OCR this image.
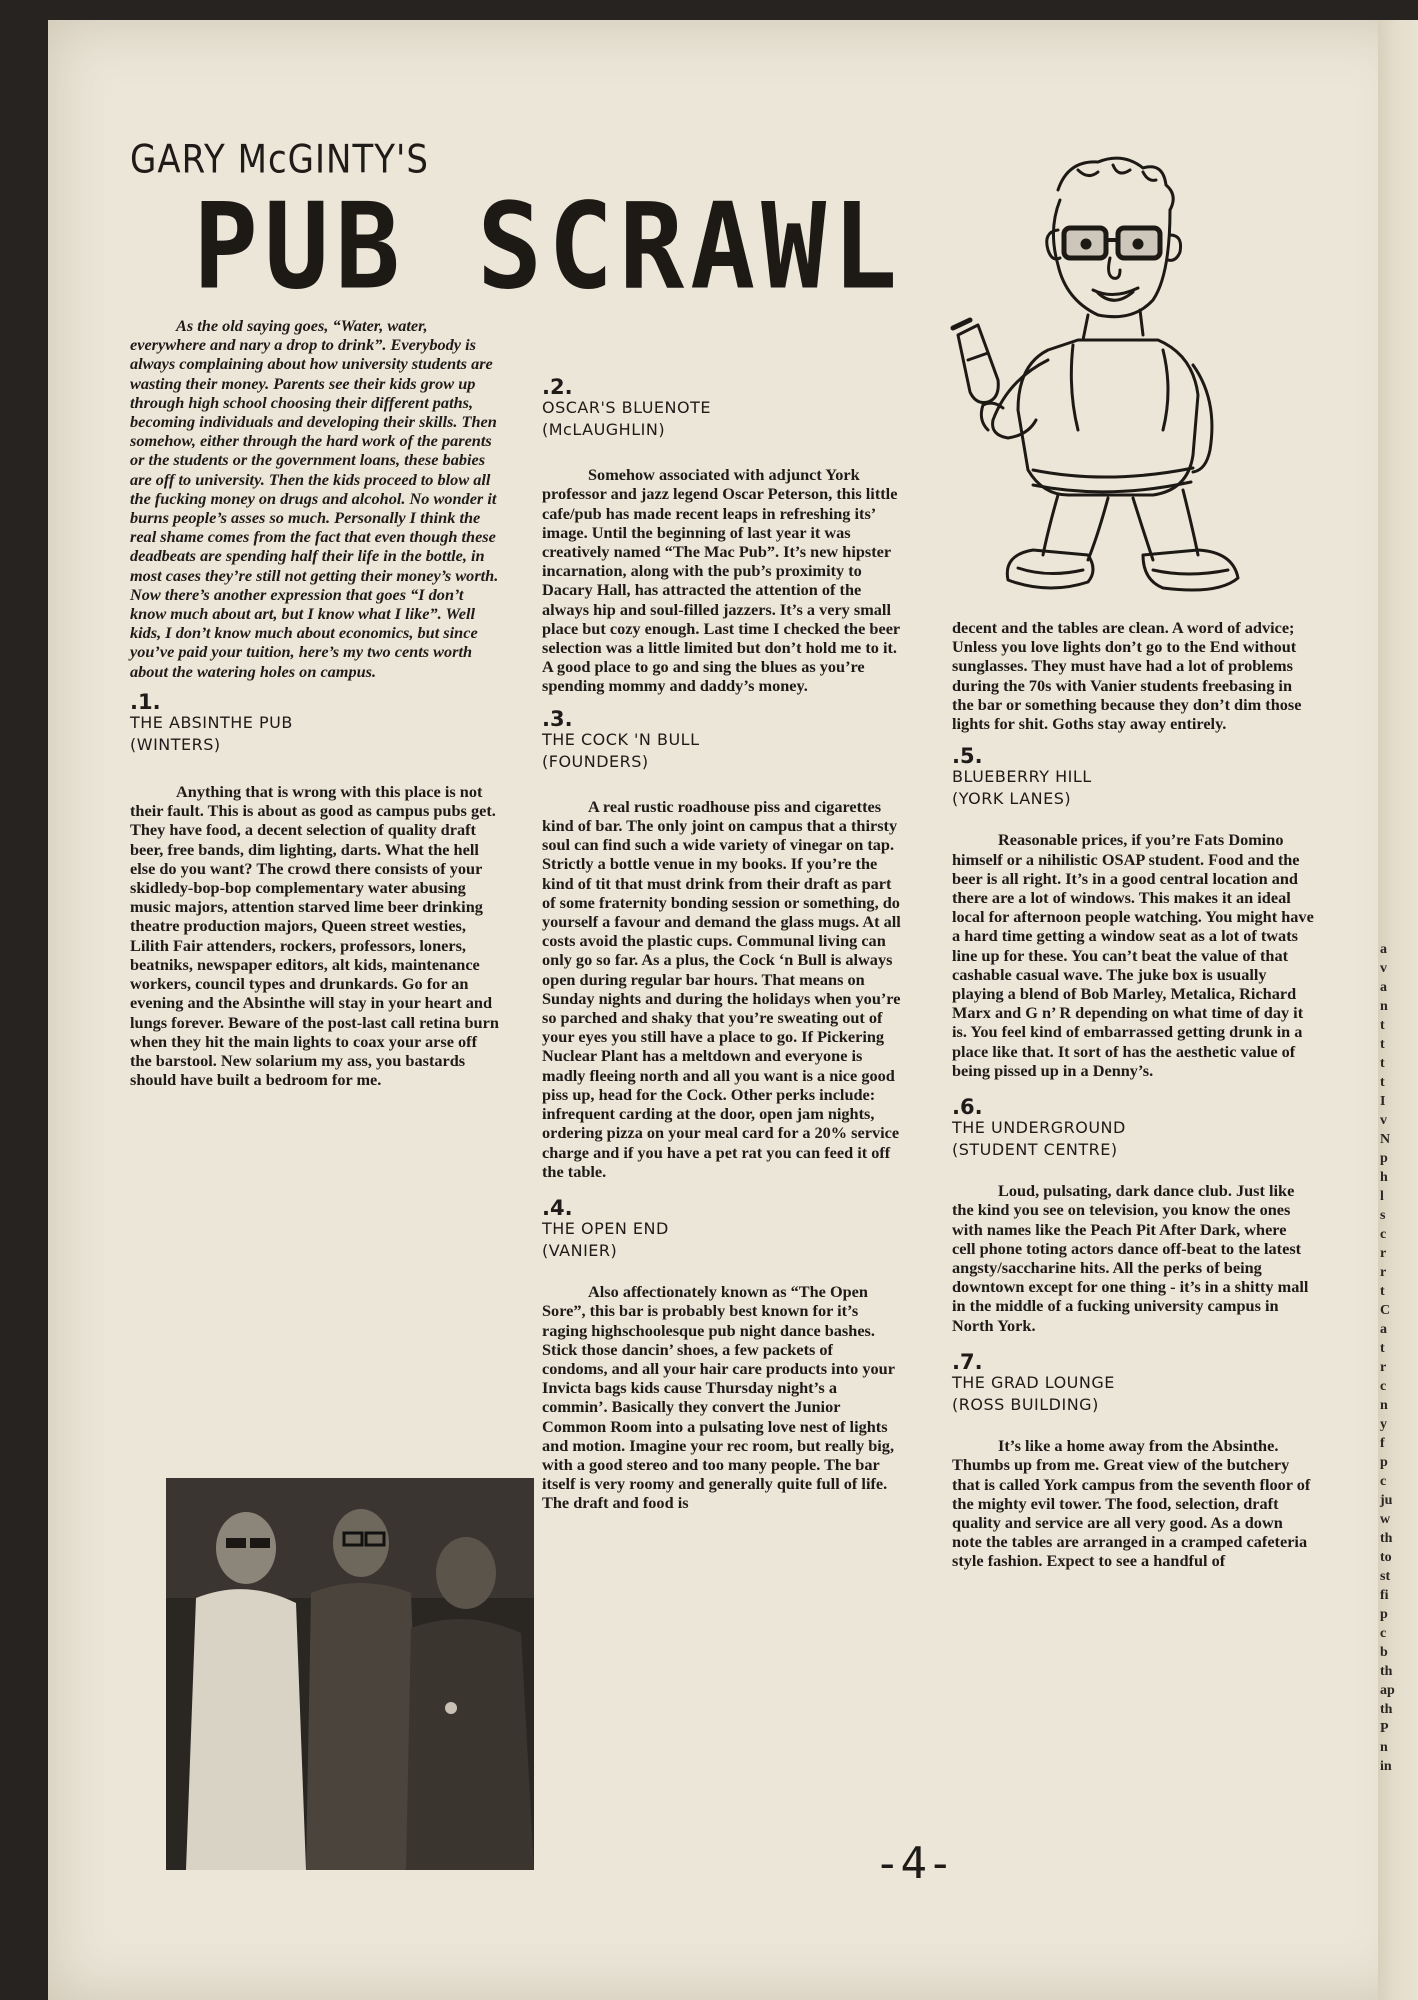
GARY McGINTY'S
PUB SCRAWL

As the old saying goes, “Water, water, everywhere and nary a drop to drink”. Everybody is always complaining about how university students are wasting their money. Parents see their kids grow up through high school choosing their different paths, becoming individuals and developing their skills. Then somehow, either through the hard work of the parents or the students or the government loans, these babies are off to university. Then the kids proceed to blow all the fucking money on drugs and alcohol. No wonder it burns people’s asses so much. Personally I think the real shame comes from the fact that even though these deadbeats are spending half their life in the bottle, in most cases they’re still not getting their money’s worth. Now there’s another expression that goes “I don’t know much about art, but I know what I like”. Well kids, I don’t know much about economics, but since you’ve paid your tuition, here’s my two cents worth about the watering holes on campus.

.1.

THE ABSINTHE PUB

(WINTERS)

Anything that is wrong with this place is not their fault. This is about as good as campus pubs get. They have food, a decent selection of quality draft beer, free bands, dim lighting, darts. What the hell else do you want? The crowd there consists of your skidledy-bop-bop complementary water abusing music majors, attention starved lime beer drinking theatre production majors, Queen street westies, Lilith Fair attenders, rockers, professors, loners, beatniks, newspaper editors, alt kids, maintenance workers, council types and drunkards. Go for an evening and the Absinthe will stay in your heart and lungs forever. Beware of the post-last call retina burn when they hit the main lights to coax your arse off the barstool. New solarium my ass, you bastards should have built a bedroom for me.

.2.

OSCAR'S BLUENOTE

(McLAUGHLIN)

Somehow associated with adjunct York professor and jazz legend Oscar Peterson, this little cafe/pub has made recent leaps in refreshing its’ image. Until the beginning of last year it was creatively named “The Mac Pub”. It’s new hipster incarnation, along with the pub’s proximity to Dacary Hall, has attracted the attention of the always hip and soul-filled jazzers. It’s a very small place but cozy enough. Last time I checked the beer selection was a little limited but don’t hold me to it. A good place to go and sing the blues as you’re spending mommy and daddy’s money.

.3.

THE COCK 'N BULL

(FOUNDERS)

A real rustic roadhouse piss and cigarettes kind of bar. The only joint on campus that a thirsty soul can find such a wide variety of vinegar on tap. Strictly a bottle venue in my books. If you’re the kind of tit that must drink from their draft as part of some fraternity bonding session or something, do yourself a favour and demand the glass mugs. At all costs avoid the plastic cups. Communal living can only go so far. As a plus, the Cock ‘n Bull is always open during regular bar hours. That means on Sunday nights and during the holidays when you’re so parched and shaky that you’re sweating out of your eyes you still have a place to go. If Pickering Nuclear Plant has a meltdown and everyone is madly fleeing north and all you want is a nice good piss up, head for the Cock. Other perks include: infrequent carding at the door, open jam nights, ordering pizza on your meal card for a 20% service charge and if you have a pet rat you can feed it off the table.

.4.

THE OPEN END

(VANIER)

Also affectionately known as “The Open Sore”, this bar is probably best known for it’s raging highschoolesque pub night dance bashes. Stick those dancin’ shoes, a few packets of condoms, and all your hair care products into your Invicta bags kids cause Thursday night’s a commin’. Basically they convert the Junior Common Room into a pulsating love nest of lights and motion. Imagine your rec room, but really big, with a good stereo and too many people. The bar itself is very roomy and generally quite full of life. The draft and food is

decent and the tables are clean. A word of advice; Unless you love lights don’t go to the End without sunglasses. They must have had a lot of problems during the 70s with Vanier students freebasing in the bar or something because they don’t dim those lights for shit. Goths stay away entirely.

.5.

BLUEBERRY HILL

(YORK LANES)

Reasonable prices, if you’re Fats Domino himself or a nihilistic OSAP student. Food and the beer is all right. It’s in a good central location and there are a lot of windows. This makes it an ideal local for afternoon people watching. You might have a hard time getting a window seat as a lot of twats line up for these. You can’t beat the value of that cashable casual wave. The juke box is usually playing a blend of Bob Marley, Metalica, Richard Marx and G n’ R depending on what time of day it is. You feel kind of embarrassed getting drunk in a place like that. It sort of has the aesthetic value of being pissed up in a Denny’s.

.6.

THE UNDERGROUND

(STUDENT CENTRE)

Loud, pulsating, dark dance club. Just like the kind you see on television, you know the ones with names like the Peach Pit After Dark, where cell phone toting actors dance off-beat to the latest angsty/saccharine hits. All the perks of being downtown except for one thing - it’s in a shitty mall in the middle of a fucking university campus in North York.

.7.

THE GRAD LOUNGE

(ROSS BUILDING)

It’s like a home away from the Absinthe. Thumbs up from me. Great view of the butchery that is called York campus from the seventh floor of the mighty evil tower. The food, selection, draft quality and service are all very good. As a down note the tables are arranged in a cramped cafeteria style fashion. Expect to see a handful of

-4-
a
v
a
n
t
t
t
t
I
v
N
p
h
l
s
c
r
r
t
C
a
t
r
c
n
y
f
p
c
ju
w
th
to
st
fi
p
c
b
th
ap
th
P
n
in
